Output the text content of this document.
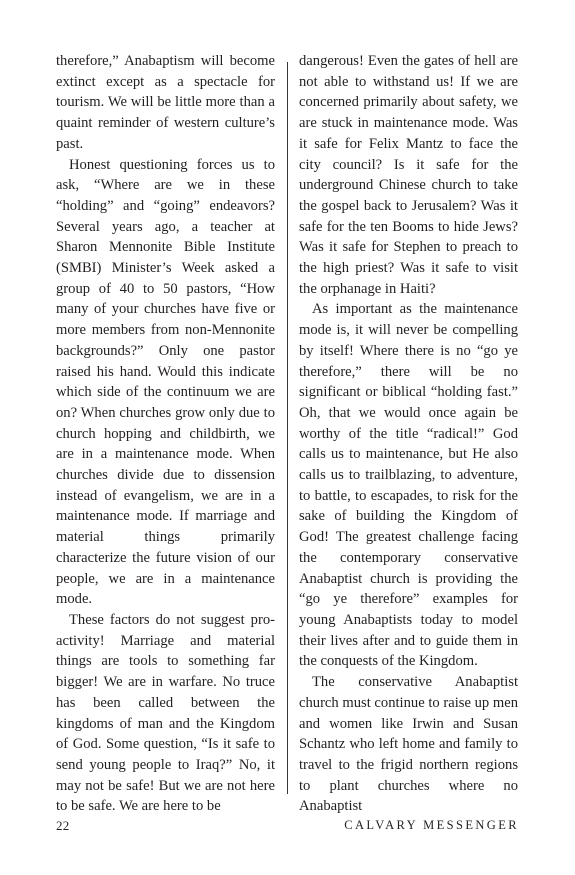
therefore,” Anabaptism will become extinct except as a spectacle for tourism. We will be little more than a quaint reminder of western culture’s past.

Honest questioning forces us to ask, “Where are we in these “holding” and “going” endeavors? Several years ago, a teacher at Sharon Mennonite Bible Institute (SMBI) Minister’s Week asked a group of 40 to 50 pastors, “How many of your churches have five or more members from non-Mennonite backgrounds?” Only one pastor raised his hand. Would this indicate which side of the continuum we are on? When churches grow only due to church hopping and childbirth, we are in a maintenance mode. When churches divide due to dissension instead of evangelism, we are in a maintenance mode. If marriage and material things primarily characterize the future vision of our people, we are in a maintenance mode.

These factors do not suggest pro-activity! Marriage and material things are tools to something far bigger! We are in warfare. No truce has been called between the kingdoms of man and the Kingdom of God. Some question, “Is it safe to send young people to Iraq?” No, it may not be safe! But we are not here to be safe. We are here to be

dangerous! Even the gates of hell are not able to withstand us! If we are concerned primarily about safety, we are stuck in maintenance mode. Was it safe for Felix Mantz to face the city council? Is it safe for the underground Chinese church to take the gospel back to Jerusalem? Was it safe for the ten Booms to hide Jews? Was it safe for Stephen to preach to the high priest? Was it safe to visit the orphanage in Haiti?

As important as the maintenance mode is, it will never be compelling by itself! Where there is no “go ye therefore,” there will be no significant or biblical “holding fast.” Oh, that we would once again be worthy of the title “radical!” God calls us to maintenance, but He also calls us to trailblazing, to adventure, to battle, to escapades, to risk for the sake of building the Kingdom of God! The greatest challenge facing the contemporary conservative Anabaptist church is providing the “go ye therefore” examples for young Anabaptists today to model their lives after and to guide them in the conquests of the Kingdom.

The conservative Anabaptist church must continue to raise up men and women like Irwin and Susan Schantz who left home and family to travel to the frigid northern regions to plant churches where no Anabaptist

22	CALVARY MESSENGER
